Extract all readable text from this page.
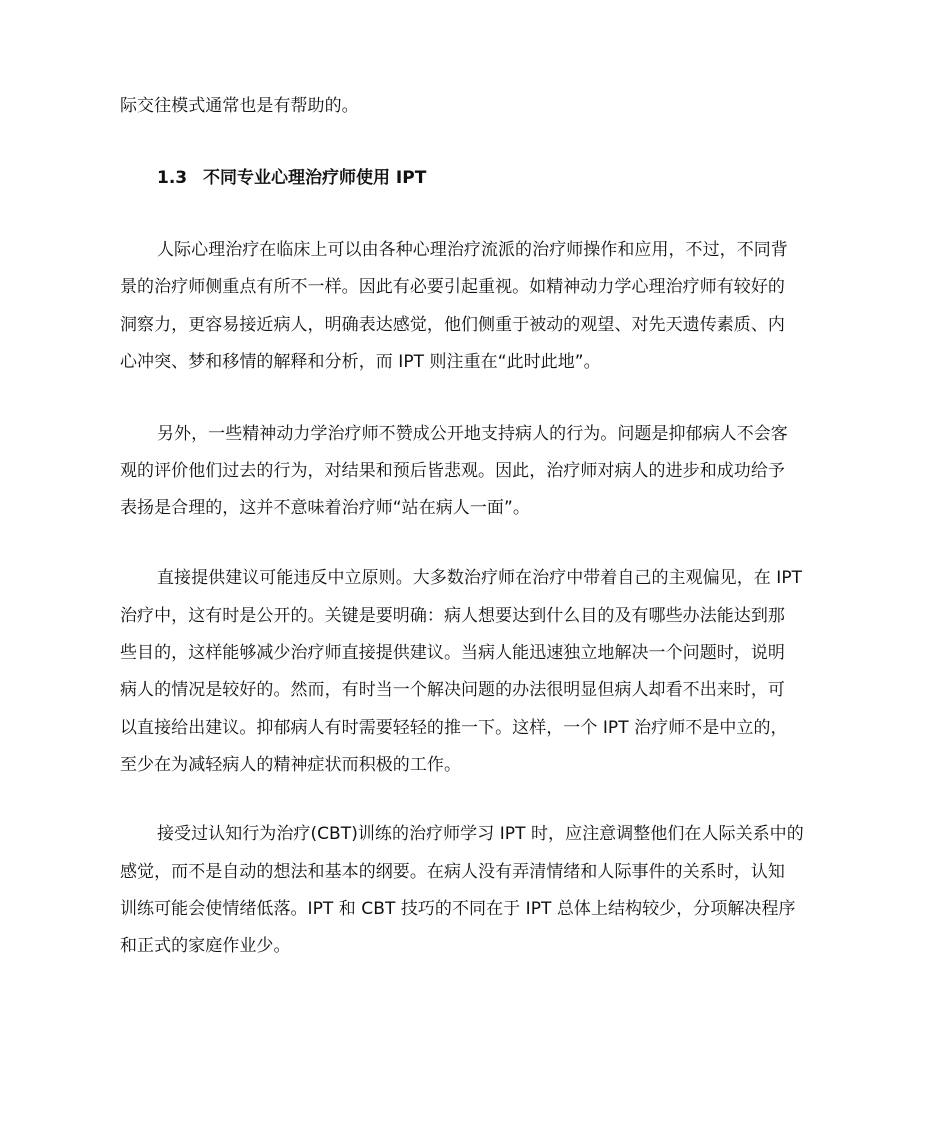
际交往模式通常也是有帮助的。
1.3 不同专业心理治疗师使用 IPT
人际心理治疗在临床上可以由各种心理治疗流派的治疗师操作和应用，不过，不同背
景的治疗师侧重点有所不一样。因此有必要引起重视。如精神动力学心理治疗师有较好的
洞察力，更容易接近病人，明确表达感觉，他们侧重于被动的观望、对先天遗传素质、内
心冲突、梦和移情的解释和分析，而 IPT 则注重在“此时此地”。
另外，一些精神动力学治疗师不赞成公开地支持病人的行为。问题是抑郁病人不会客
观的评价他们过去的行为，对结果和预后皆悲观。因此，治疗师对病人的进步和成功给予
表扬是合理的，这并不意味着治疗师“站在病人一面”。
直接提供建议可能违反中立原则。大多数治疗师在治疗中带着自己的主观偏见，在 IPT
治疗中，这有时是公开的。关键是要明确：病人想要达到什么目的及有哪些办法能达到那
些目的，这样能够减少治疗师直接提供建议。当病人能迅速独立地解决一个问题时，说明
病人的情况是较好的。然而，有时当一个解决问题的办法很明显但病人却看不出来时，可
以直接给出建议。抑郁病人有时需要轻轻的推一下。这样，一个 IPT 治疗师不是中立的，
至少在为减轻病人的精神症状而积极的工作。
接受过认知行为治疗(CBT)训练的治疗师学习 IPT 时，应注意调整他们在人际关系中的
感觉，而不是自动的想法和基本的纲要。在病人没有弄清情绪和人际事件的关系时，认知
训练可能会使情绪低落。IPT 和 CBT 技巧的不同在于 IPT 总体上结构较少，分项解决程序
和正式的家庭作业少。
